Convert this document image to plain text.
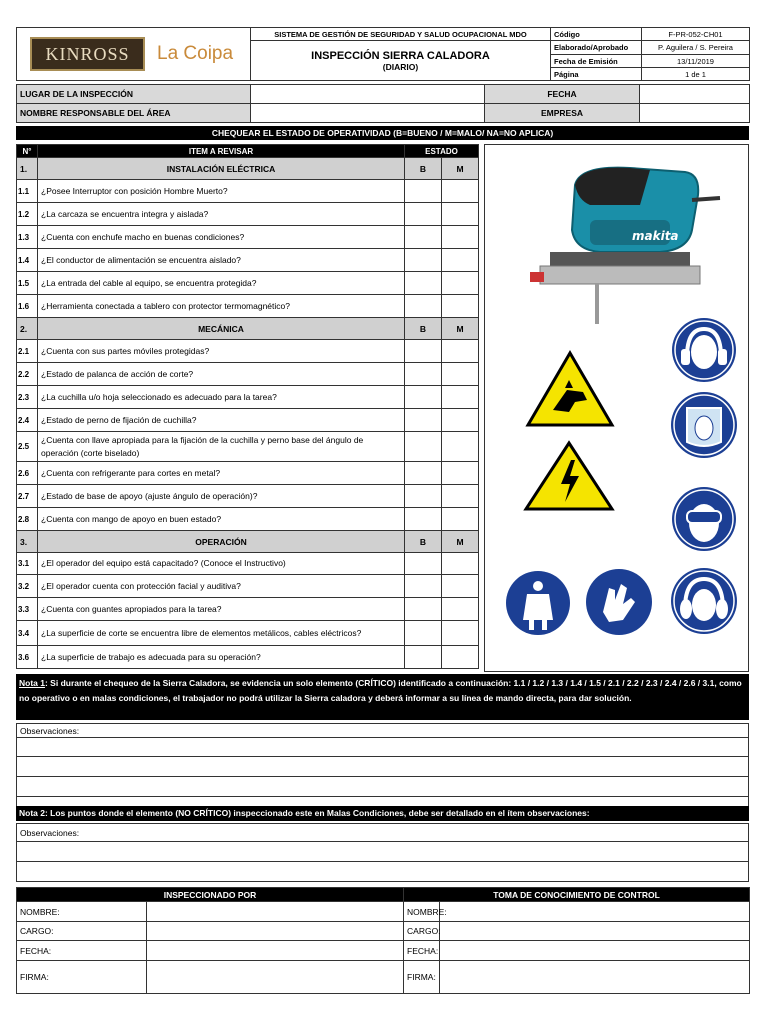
KINROSS La Coipa	SISTEMA DE GESTIÓN DE SEGURIDAD Y SALUD OCUPACIONAL MDO	Código	F-PR-052-CH01

	INSPECCIÓN SIERRA CALADORA
(DIARIO)	Elaborado/Aprobado	P. Aguilera / S. Pereira
		Fecha de Emisión	13/11/2019
		Página	1 de 1
LUGAR DE LA INSPECCIÓN		FECHA	
NOMBRE RESPONSABLE DEL ÁREA		EMPRESA	
CHEQUEAR EL ESTADO DE OPERATIVIDAD (B=BUENO / M=MALO/ NA=NO APLICA)
N°	ITEM A REVISAR	ESTADO	
1.	INSTALACIÓN ELÉCTRICA	B	M
1.1	¿Posee Interruptor con posición Hombre Muerto?		
1.2	¿La carcaza se encuentra integra y aislada?		
1.3	¿Cuenta con enchufe macho en buenas condiciones?		
1.4	¿El conductor de alimentación se encuentra aislado?		
1.5	¿La entrada del cable al equipo, se encuentra protegida?		
1.6	¿Herramienta conectada a tablero con protector termomagnético?		
2.	MECÁNICA	B	M
2.1	¿Cuenta con sus partes móviles protegidas?		
2.2	¿Estado de palanca de acción de corte?		
2.3	¿La cuchilla u/o hoja seleccionado es adecuado para la tarea?		
2.4	¿Estado de perno de fijación de cuchilla?		
2.5	¿Cuenta con llave apropiada para la fijación de la cuchilla y perno base del ángulo de operación (corte biselado)		
2.6	¿Cuenta con refrigerante para cortes en metal?		
2.7	¿Estado de base de apoyo (ajuste ángulo de operación)?		
2.8	¿Cuenta con mango de apoyo en buen estado?		
3.	OPERACIÓN	B	M
3.1	¿El operador del equipo está capacitado? (Conoce el Instructivo)		
3.2	¿El operador cuenta con protección facial y auditiva?		
3.3	¿Cuenta con guantes apropiados para la tarea?		
3.4	¿La superficie de corte se encuentra libre de elementos metálicos, cables eléctricos?		
3.6	¿La superficie de trabajo es adecuada para su operación?		
makita
Nota 1: Si durante el chequeo de la Sierra Caladora, se evidencia un solo elemento (CRÍTICO) identificado a continuación: 1.1 / 1.2 / 1.3 / 1.4 / 1.5 / 2.1 / 2.2 / 2.3 / 2.4 / 2.6 / 3.1, como no operativo o en malas condiciones, el trabajador no podrá utilizar la Sierra caladora y deberá informar a su línea de mando directa, para dar solución.
Observaciones:

Nota 2: Los puntos donde el elemento (NO CRÍTICO) inspeccionado este en Malas Condiciones, debe ser detallado en el ítem observaciones:
Observaciones:

INSPECCIONADO POR		TOMA DE CONOCIMIENTO DE CONTROL	
NOMBRE:		NOMBRE:	
CARGO:		CARGO:	
FECHA:		FECHA:	
FIRMA:		FIRMA:	
